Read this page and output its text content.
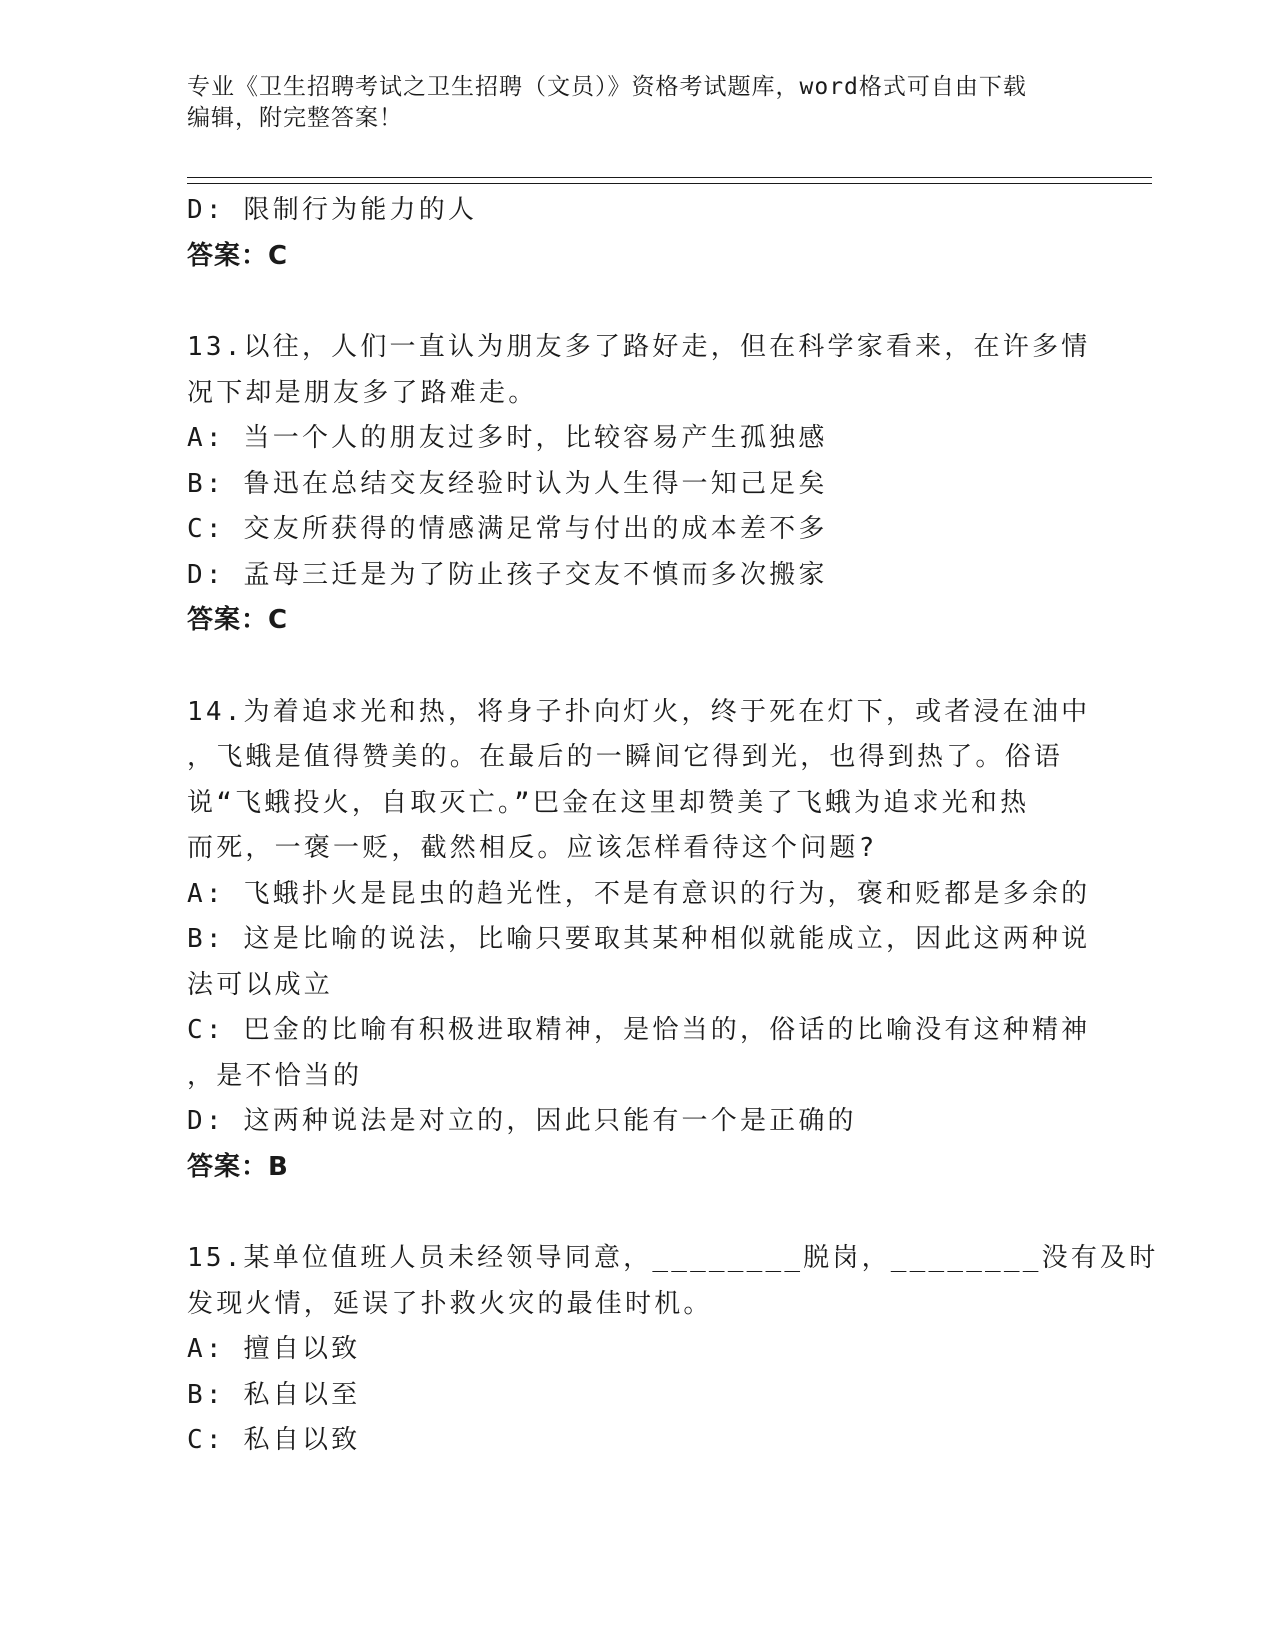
专业《卫生招聘考试之卫生招聘（文员）》资格考试题库，word格式可自由下载
编辑，附完整答案！
D: 限制行为能力的人
答案：C
13.以往，人们一直认为朋友多了路好走，但在科学家看来，在许多情
况下却是朋友多了路难走。
A: 当一个人的朋友过多时，比较容易产生孤独感
B: 鲁迅在总结交友经验时认为人生得一知己足矣
C: 交友所获得的情感满足常与付出的成本差不多
D: 孟母三迁是为了防止孩子交友不慎而多次搬家
答案：C
14.为着追求光和热，将身子扑向灯火，终于死在灯下，或者浸在油中
，飞蛾是值得赞美的。在最后的一瞬间它得到光，也得到热了。俗语
说“飞蛾投火，自取灭亡。”巴金在这里却赞美了飞蛾为追求光和热
而死，一褒一贬，截然相反。应该怎样看待这个问题?
A: 飞蛾扑火是昆虫的趋光性，不是有意识的行为，褒和贬都是多余的
B: 这是比喻的说法，比喻只要取其某种相似就能成立，因此这两种说
法可以成立
C: 巴金的比喻有积极进取精神，是恰当的，俗话的比喻没有这种精神
，是不恰当的
D: 这两种说法是对立的，因此只能有一个是正确的
答案：B
15.某单位值班人员未经领导同意，________脱岗，________没有及时
发现火情，延误了扑救火灾的最佳时机。
A: 擅自以致
B: 私自以至
C: 私自以致
